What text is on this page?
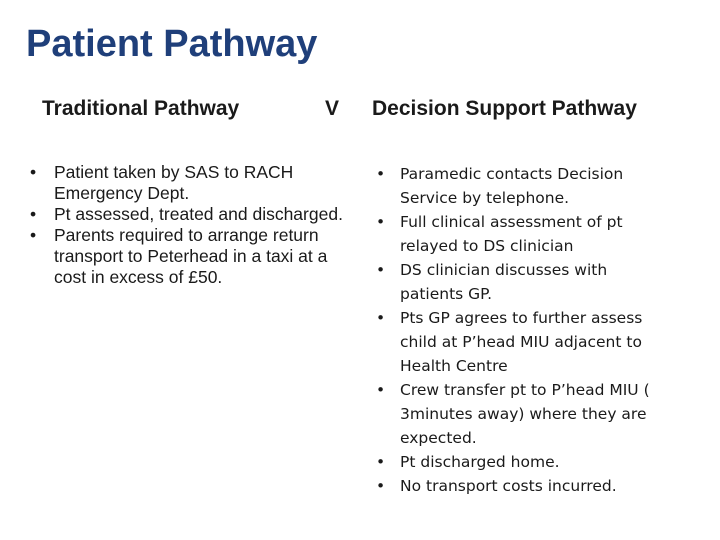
Patient Pathway
Traditional Pathway	V Decision Support Pathway
• Patient taken by SAS to RACH Emergency Dept.
• Pt assessed, treated and discharged.
• Parents required to arrange return transport to Peterhead in a taxi at a cost in excess of £50.
• Paramedic contacts Decision Service by telephone.
• Full clinical assessment of pt relayed to DS clinician
• DS clinician discusses with patients GP.
• Pts GP agrees to further assess child at P’head MIU adjacent to Health Centre
• Crew transfer pt to P’head MIU ( 3minutes away) where they are expected.
• Pt discharged home.
• No transport costs incurred.
